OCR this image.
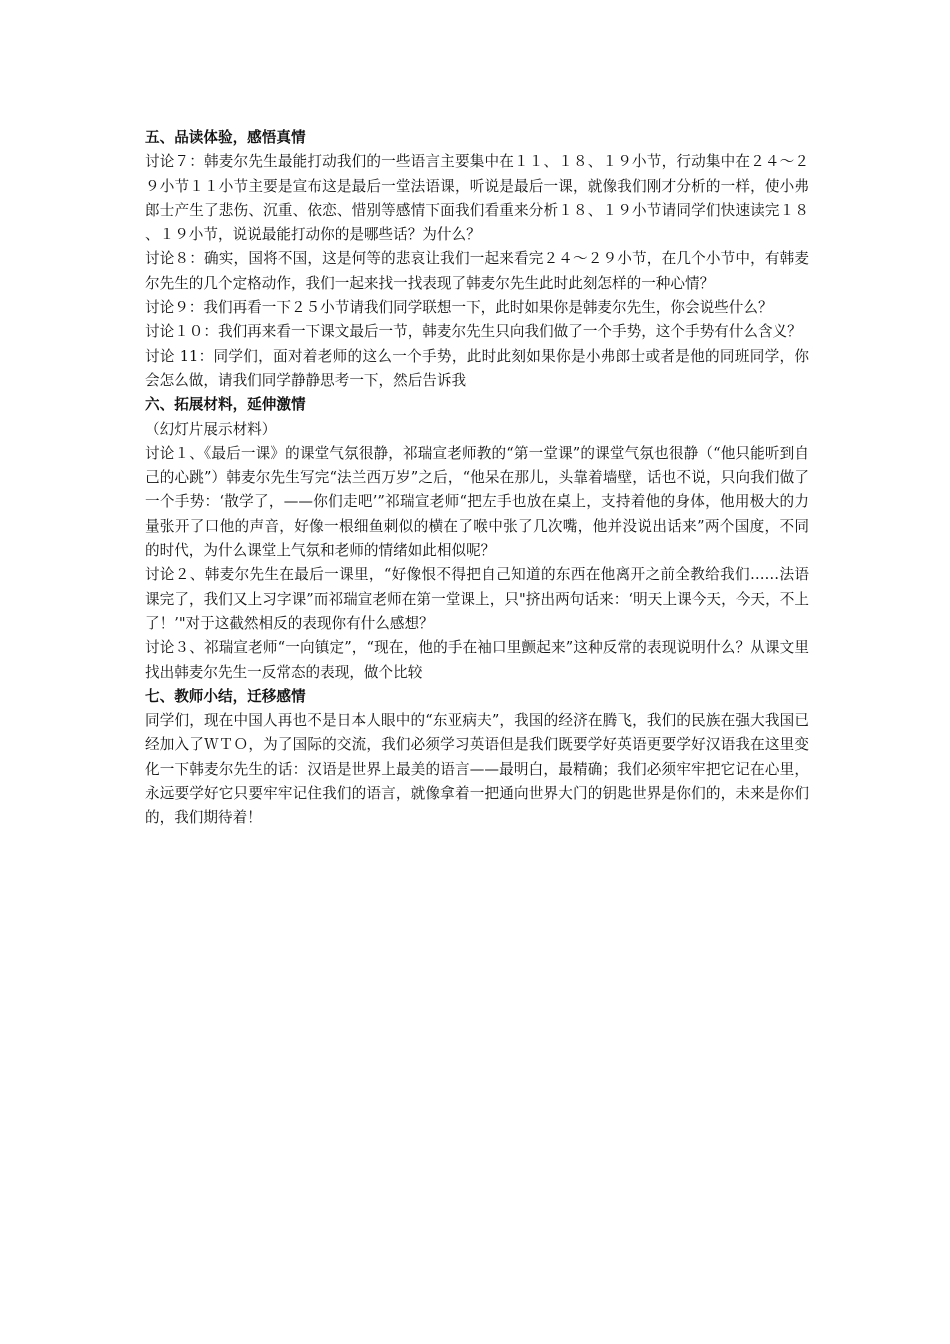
五、品读体验，感悟真情

讨论７：韩麦尔先生最能打动我们的一些语言主要集中在１１、１８、１９小节，行动集中在２４～２９小节１１小节主要是宣布这是最后一堂法语课，听说是最后一课，就像我们刚才分析的一样，使小弗郎士产生了悲伤、沉重、依恋、惜别等感情下面我们看重来分析１８、１９小节请同学们快速读完１８、１９小节，说说最能打动你的是哪些话？为什么？

讨论８：确实，国将不国，这是何等的悲哀让我们一起来看完２４～２９小节，在几个小节中，有韩麦尔先生的几个定格动作，我们一起来找一找表现了韩麦尔先生此时此刻怎样的一种心情？

讨论９：我们再看一下２５小节请我们同学联想一下，此时如果你是韩麦尔先生，你会说些什么？

讨论１０：我们再来看一下课文最后一节，韩麦尔先生只向我们做了一个手势，这个手势有什么含义？

讨论 11：同学们，面对着老师的这么一个手势，此时此刻如果你是小弗郎士或者是他的同班同学，你会怎么做，请我们同学静静思考一下，然后告诉我

六、拓展材料，延伸激情

（幻灯片展示材料）

讨论１、《最后一课》的课堂气氛很静，祁瑞宣老师教的“第一堂课”的课堂气氛也很静（“他只能听到自己的心跳”）韩麦尔先生写完“法兰西万岁”之后，“他呆在那儿，头靠着墙壁，话也不说，只向我们做了一个手势：‘散学了，——你们走吧’”祁瑞宣老师“把左手也放在桌上，支持着他的身体，他用极大的力量张开了口他的声音，好像一根细鱼刺似的横在了喉中张了几次嘴，他并没说出话来”两个国度，不同的时代，为什么课堂上气氛和老师的情绪如此相似呢？

讨论２、韩麦尔先生在最后一课里，“好像恨不得把自己知道的东西在他离开之前全教给我们……法语课完了，我们又上习字课”而祁瑞宣老师在第一堂课上，只"挤出两句话来：‘明天上课今天，今天，不上了！’"对于这截然相反的表现你有什么感想？

讨论３、祁瑞宣老师“一向镇定”，“现在，他的手在袖口里颤起来”这种反常的表现说明什么？从课文里找出韩麦尔先生一反常态的表现，做个比较

七、教师小结，迁移感情

同学们，现在中国人再也不是日本人眼中的“东亚病夫”，我国的经济在腾飞，我们的民族在强大我国已经加入了ＷＴＯ，为了国际的交流，我们必须学习英语但是我们既要学好英语更要学好汉语我在这里变化一下韩麦尔先生的话：汉语是世界上最美的语言——最明白，最精确；我们必须牢牢把它记在心里，永远要学好它只要牢牢记住我们的语言，就像拿着一把通向世界大门的钥匙世界是你们的，未来是你们的，我们期待着！
